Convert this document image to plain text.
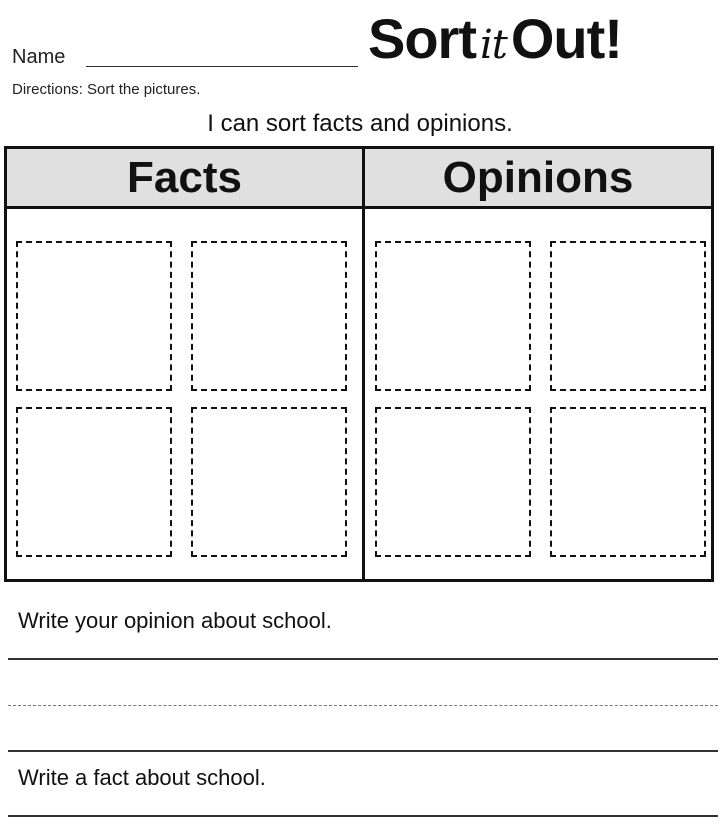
Name	Sort itOut!
Directions: Sort the pictures.
I can sort facts and opinions.
Facts	Opinions
Write your opinion about school.
Write a fact about school.
